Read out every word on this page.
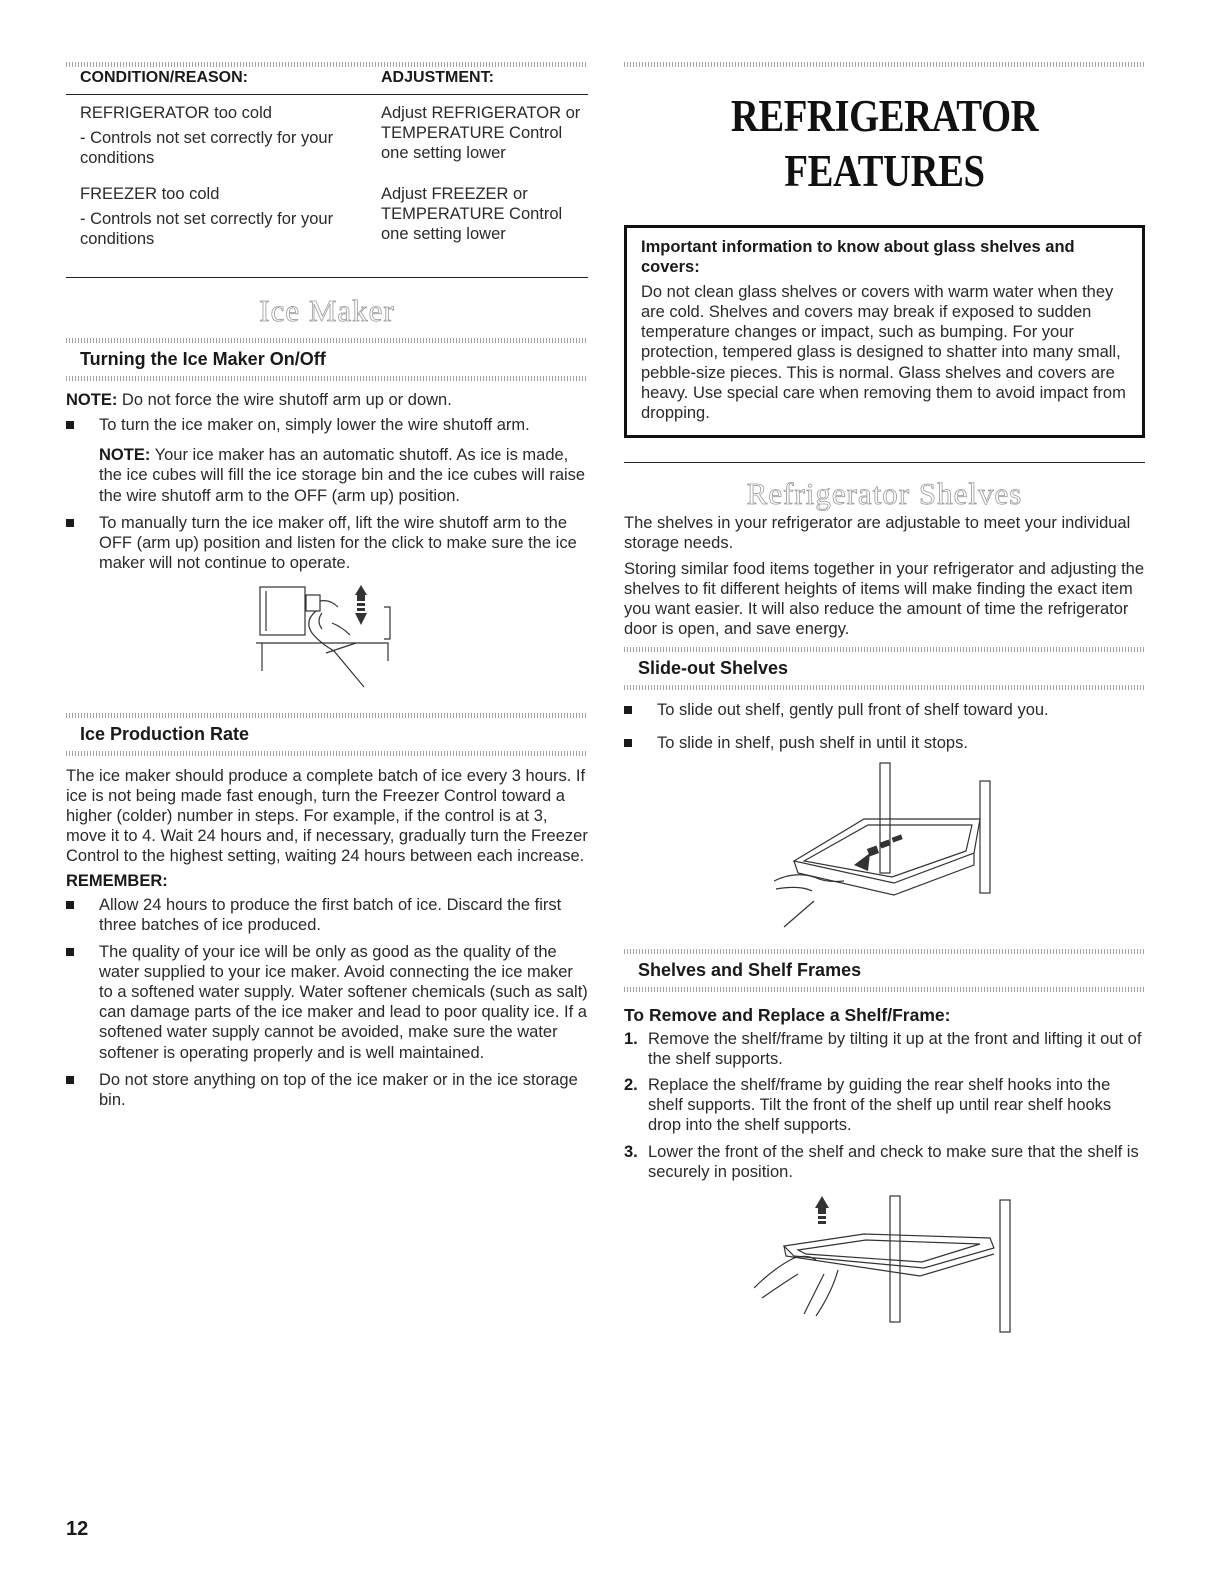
CONDITION/REASON:	ADJUSTMENT:

REFRIGERATOR too cold
- Controls not set correctly for your conditions	Adjust REFRIGERATOR or TEMPERATURE Control one setting lower

FREEZER too cold
- Controls not set correctly for your conditions	Adjust FREEZER or TEMPERATURE Control one setting lower
Ice Maker
Turning the Ice Maker On/Off

NOTE: Do not force the wire shutoff arm up or down.

To turn the ice maker on, simply lower the wire shutoff arm.
NOTE: Your ice maker has an automatic shutoff. As ice is made, the ice cubes will fill the ice storage bin and the ice cubes will raise the wire shutoff arm to the OFF (arm up) position.
To manually turn the ice maker off, lift the wire shutoff arm to the OFF (arm up) position and listen for the click to make sure the ice maker will not continue to operate.
Ice Production Rate

The ice maker should produce a complete batch of ice every 3 hours. If ice is not being made fast enough, turn the Freezer Control toward a higher (colder) number in steps. For example, if the control is at 3, move it to 4. Wait 24 hours and, if necessary, gradually turn the Freezer Control to the highest setting, waiting 24 hours between each increase.

REMEMBER:

Allow 24 hours to produce the first batch of ice. Discard the first three batches of ice produced.
The quality of your ice will be only as good as the quality of the water supplied to your ice maker. Avoid connecting the ice maker to a softened water supply. Water softener chemicals (such as salt) can damage parts of the ice maker and lead to poor quality ice. If a softened water supply cannot be avoided, make sure the water softener is operating properly and is well maintained.
Do not store anything on top of the ice maker or in the ice storage bin.
REFRIGERATOR FEATURES
Important information to know about glass shelves and covers:
Do not clean glass shelves or covers with warm water when they are cold. Shelves and covers may break if exposed to sudden temperature changes or impact, such as bumping. For your protection, tempered glass is designed to shatter into many small, pebble-size pieces. This is normal. Glass shelves and covers are heavy. Use special care when removing them to avoid impact from dropping.
Refrigerator Shelves

The shelves in your refrigerator are adjustable to meet your individual storage needs.

Storing similar food items together in your refrigerator and adjusting the shelves to fit different heights of items will make finding the exact item you want easier. It will also reduce the amount of time the refrigerator door is open, and save energy.

Slide-out Shelves
To slide out shelf, gently pull front of shelf toward you.
To slide in shelf, push shelf in until it stops.
Shelves and Shelf Frames

To Remove and Replace a Shelf/Frame:

1. Remove the shelf/frame by tilting it up at the front and lifting it out of the shelf supports.
2. Replace the shelf/frame by guiding the rear shelf hooks into the shelf supports. Tilt the front of the shelf up until rear shelf hooks drop into the shelf supports.
3. Lower the front of the shelf and check to make sure that the shelf is securely in position.
12
